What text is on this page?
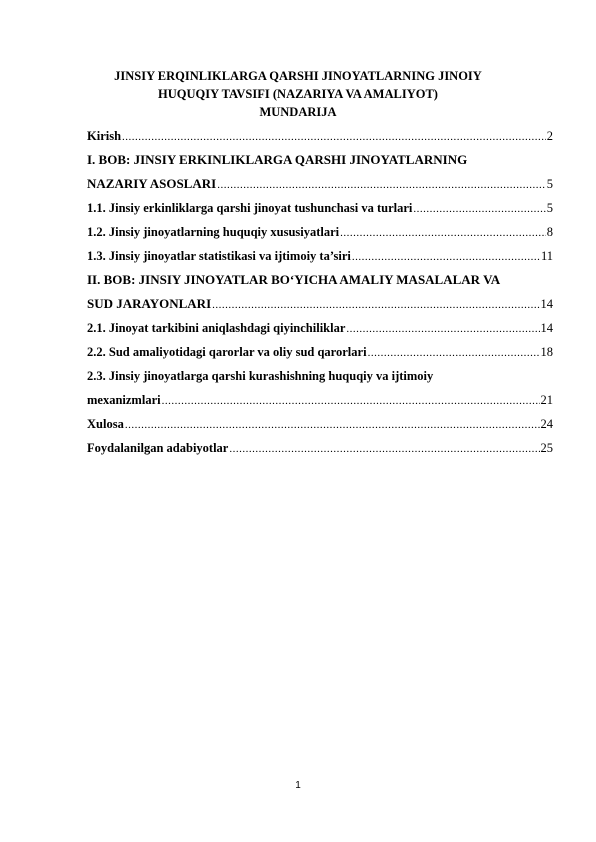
JINSIY ERQINLIKLARGA QARSHI JINOYATLARNING JINOIY
HUQUQIY TAVSIFI (NAZARIYA VA AMALIYOT)
MUNDARIJA
Kirish .....	2
I. BOB: JINSIY ERKINLIKLARGA QARSHI JINOYATLARNING
NAZARIY ASOSLARI .....	5
1.1. Jinsiy erkinliklarga qarshi jinoyat tushunchasi va turlari .....	5
1.2. Jinsiy jinoyatlarning huquqiy xususiyatlari .....	8
1.3. Jinsiy jinoyatlar statistikasi va ijtimoiy ta’siri .....	11
II. BOB: JINSIY JINOYATLAR BO‘YICHA AMALIY MASALALAR VA
SUD JARAYONLARI .....	14
2.1. Jinoyat tarkibini aniqlashdagi qiyinchiliklar .....	14
2.2. Sud amaliyotidagi qarorlar va oliy sud qarorlari .....	18
2.3. Jinsiy jinoyatlarga qarshi kurashishning huquqiy va ijtimoiy
mexanizmlari .....	21
Xulosa .....	24
Foydalanilgan adabiyotlar .....	25
1
